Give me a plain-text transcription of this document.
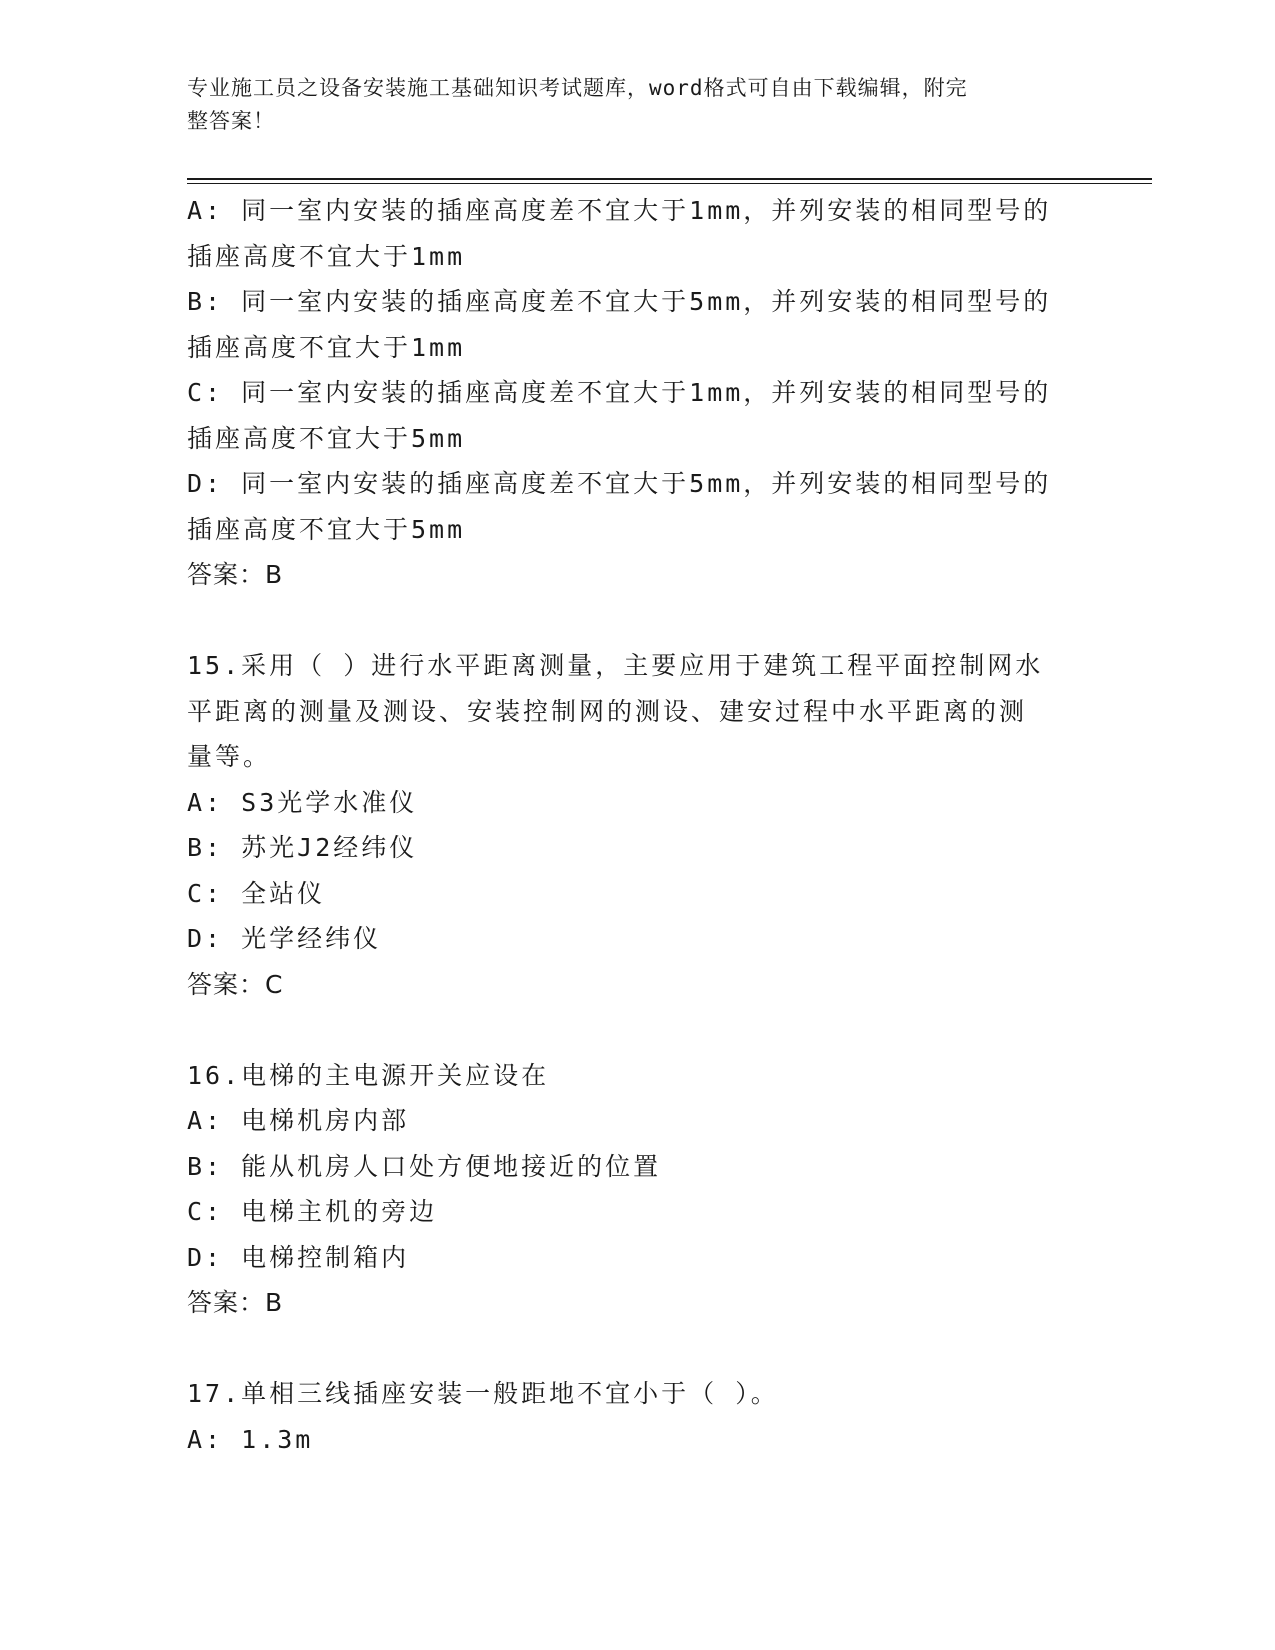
专业施工员之设备安装施工基础知识考试题库，word格式可自由下载编辑，附完
整答案！
A: 同一室内安装的插座高度差不宜大于1mm，并列安装的相同型号的
插座高度不宜大于1mm
B: 同一室内安装的插座高度差不宜大于5mm，并列安装的相同型号的
插座高度不宜大于1mm
C: 同一室内安装的插座高度差不宜大于1mm，并列安装的相同型号的
插座高度不宜大于5mm
D: 同一室内安装的插座高度差不宜大于5mm，并列安装的相同型号的
插座高度不宜大于5mm
答案：B
15.采用（ ）进行水平距离测量，主要应用于建筑工程平面控制网水
平距离的测量及测设、安装控制网的测设、建安过程中水平距离的测
量等。
A: S3光学水准仪
B: 苏光J2经纬仪
C: 全站仪
D: 光学经纬仪
答案：C
16.电梯的主电源开关应设在
A: 电梯机房内部
B: 能从机房人口处方便地接近的位置
C: 电梯主机的旁边
D: 电梯控制箱内
答案：B
17.单相三线插座安装一般距地不宜小于（ ）。
A: 1.3m
